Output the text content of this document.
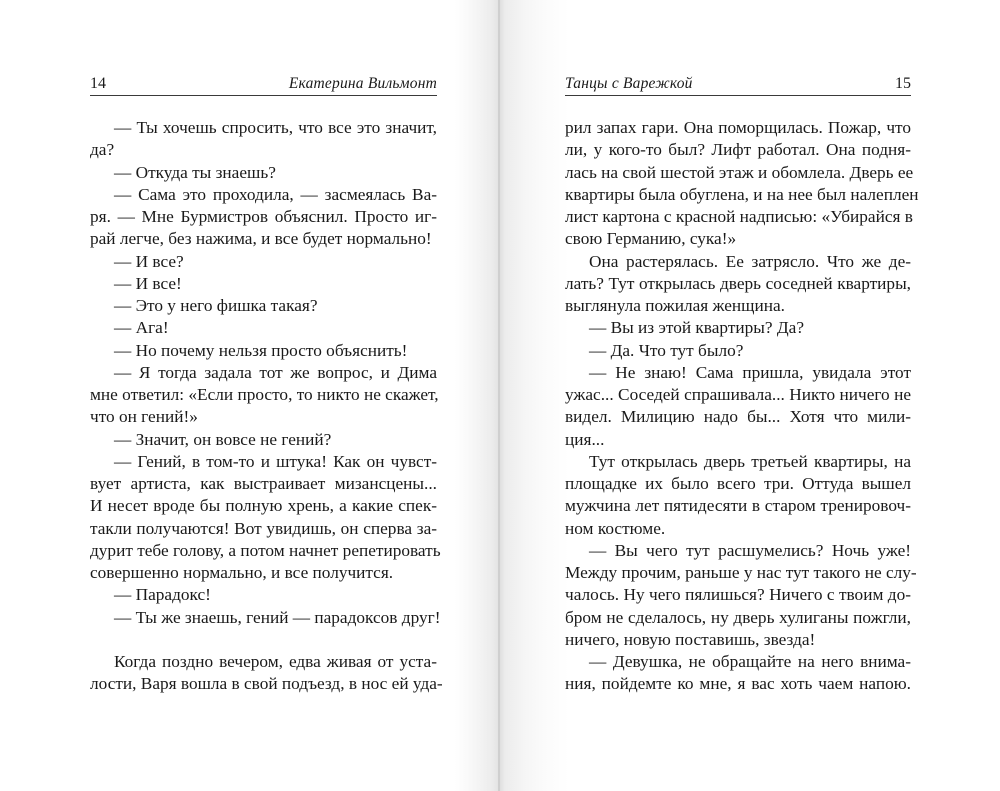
14	Екатерина Вильмонт
— Ты хочешь спросить, что все это значит,
да?
— Откуда ты знаешь?
— Сама это проходила, — засмеялась Ва-
ря. — Мне Бурмистров объяснил. Просто иг-
рай легче, без нажима, и все будет нормально!
— И все?
— И все!
— Это у него фишка такая?
— Ага!
— Но почему нельзя просто объяснить!
— Я тогда задала тот же вопрос, и Дима
мне ответил: «Если просто, то никто не скажет,
что он гений!»
— Значит, он вовсе не гений?
— Гений, в том-то и штука! Как он чувст-
вует артиста, как выстраивает мизансцены...
И несет вроде бы полную хрень, а какие спек-
такли получаются! Вот увидишь, он сперва за-
дурит тебе голову, а потом начнет репетировать
совершенно нормально, и все получится.
— Парадокс!
— Ты же знаешь, гений — парадоксов друг!
Когда поздно вечером, едва живая от уста-
лости, Варя вошла в свой подъезд, в нос ей уда-
Танцы с Варежкой	15
рил запах гари. Она поморщилась. Пожар, что
ли, у кого-то был? Лифт работал. Она подня-
лась на свой шестой этаж и обомлела. Дверь ее
квартиры была обуглена, и на нее был налеплен
лист картона с красной надписью: «Убирайся в
свою Германию, сука!»
Она растерялась. Ее затрясло. Что же де-
лать? Тут открылась дверь соседней квартиры,
выглянула пожилая женщина.
— Вы из этой квартиры? Да?
— Да. Что тут было?
— Не знаю! Сама пришла, увидала этот
ужас... Соседей спрашивала... Никто ничего не
видел. Милицию надо бы... Хотя что мили-
ция...
Тут открылась дверь третьей квартиры, на
площадке их было всего три. Оттуда вышел
мужчина лет пятидесяти в старом тренировоч-
ном костюме.
— Вы чего тут расшумелись? Ночь уже!
Между прочим, раньше у нас тут такого не слу-
чалось. Ну чего пялишься? Ничего с твоим до-
бром не сделалось, ну дверь хулиганы пожгли,
ничего, новую поставишь, звезда!
— Девушка, не обращайте на него внима-
ния, пойдемте ко мне, я вас хоть чаем напою.
